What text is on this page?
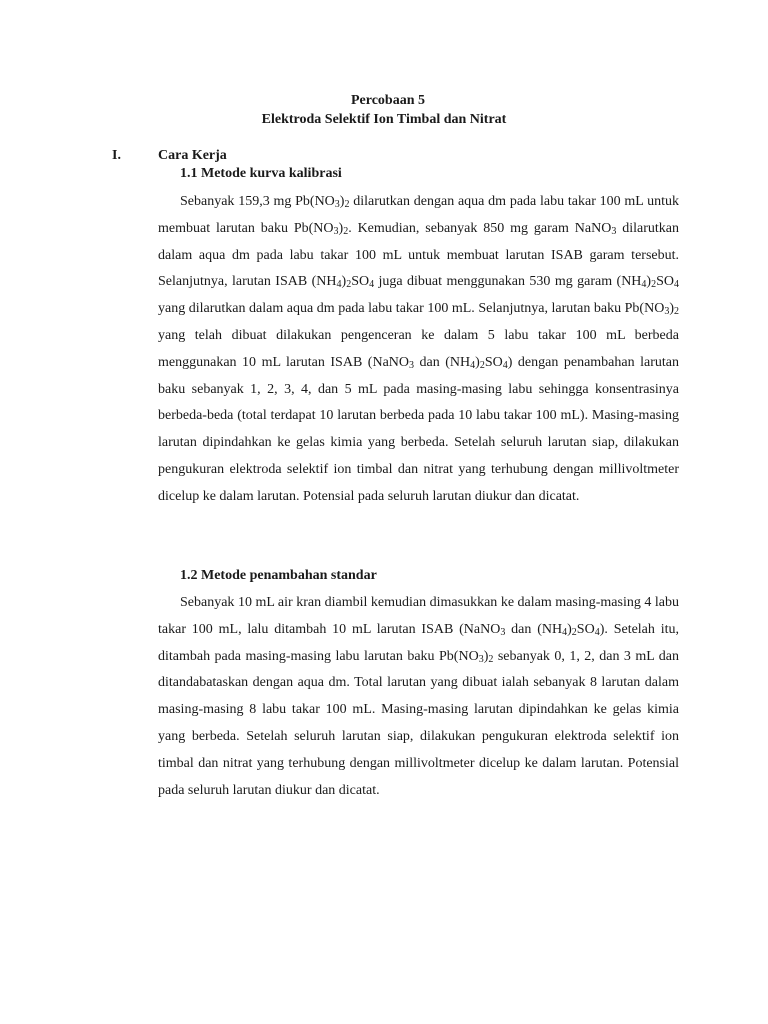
Percobaan 5
Elektroda Selektif Ion Timbal dan Nitrat
I.	Cara Kerja
1.1 Metode kurva kalibrasi

Sebanyak 159,3 mg $Pb(NO_3)_2$ dilarutkan dengan aqua dm pada labu takar 100 mL untuk membuat larutan baku $Pb(NO_3)_2$. Kemudian, sebanyak 850 mg garam NaNO$_3$ dilarutkan dalam aqua dm pada labu takar 100 mL untuk membuat larutan ISAB garam tersebut. Selanjutnya, larutan ISAB $(NH_4)_2SO_4$ juga dibuat menggunakan 530 mg garam $(NH_4)_2SO_4$ yang dilarutkan dalam aqua dm pada labu takar 100 mL. Selanjutnya, larutan baku $Pb(NO_3)_2$ yang telah dibuat dilakukan pengenceran ke dalam 5 labu takar 100 mL berbeda menggunakan 10 mL larutan ISAB (NaNO$_3$ dan $(NH_4)_2SO_4$) dengan penambahan larutan baku sebanyak 1, 2, 3, 4, dan 5 mL pada masing-masing labu sehingga konsentrasinya berbeda-beda (total terdapat 10 larutan berbeda pada 10 labu takar 100 mL). Masing-masing larutan dipindahkan ke gelas kimia yang berbeda. Setelah seluruh larutan siap, dilakukan pengukuran elektroda selektif ion timbal dan nitrat yang terhubung dengan millivoltmeter dicelup ke dalam larutan. Potensial pada seluruh larutan diukur dan dicatat.

1.2 Metode penambahan standar

Sebanyak 10 mL air kran diambil kemudian dimasukkan ke dalam masing-masing 4 labu takar 100 mL, lalu ditambah 10 mL larutan ISAB (NaNO$_3$ dan $(NH_4)_2SO_4$). Setelah itu, ditambah pada masing-masing labu larutan baku $Pb(NO_3)_2$ sebanyak 0, 1, 2, dan 3 mL dan ditandabataskan dengan aqua dm. Total larutan yang dibuat ialah sebanyak 8 larutan dalam masing-masing 8 labu takar 100 mL. Masing-masing larutan dipindahkan ke gelas kimia yang berbeda. Setelah seluruh larutan siap, dilakukan pengukuran elektroda selektif ion timbal dan nitrat yang terhubung dengan millivoltmeter dicelup ke dalam larutan. Potensial pada seluruh larutan diukur dan dicatat.
